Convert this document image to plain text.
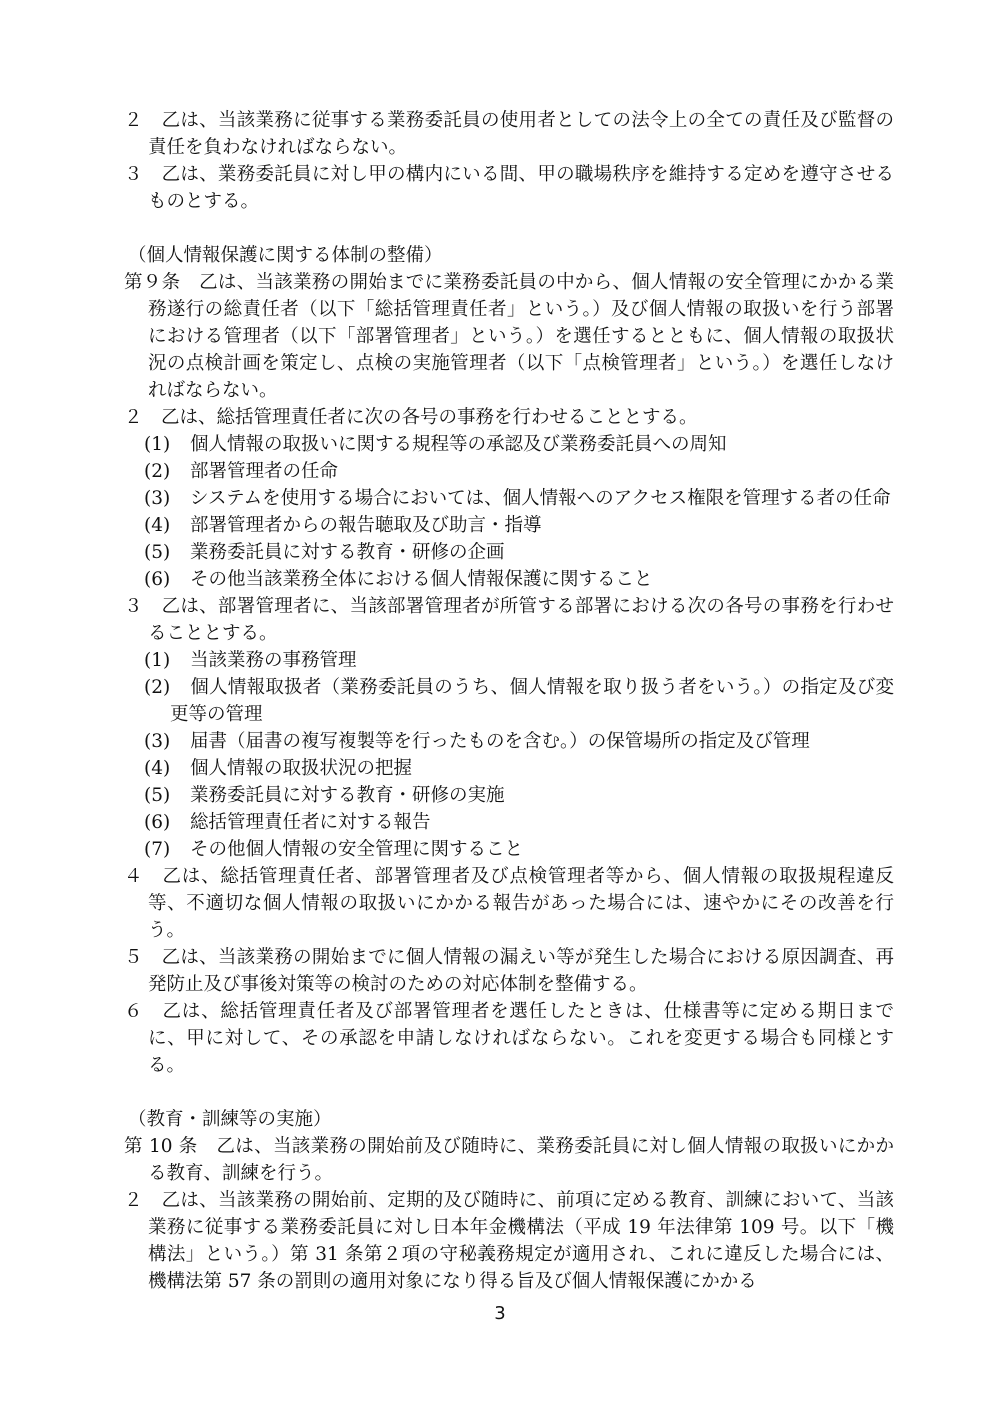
２　乙は、当該業務に従事する業務委託員の使用者としての法令上の全ての責任及び監督の責任を負わなければならない。

３　乙は、業務委託員に対し甲の構内にいる間、甲の職場秩序を維持する定めを遵守させるものとする。

（個人情報保護に関する体制の整備）

第９条　乙は、当該業務の開始までに業務委託員の中から、個人情報の安全管理にかかる業務遂行の総責任者（以下「総括管理責任者」という。）及び個人情報の取扱いを行う部署における管理者（以下「部署管理者」という。）を選任するとともに、個人情報の取扱状況の点検計画を策定し、点検の実施管理者（以下「点検管理者」という。）を選任しなければならない。

２　乙は、総括管理責任者に次の各号の事務を行わせることとする。

(1) 個人情報の取扱いに関する規程等の承認及び業務委託員への周知

(2) 部署管理者の任命

(3) システムを使用する場合においては、個人情報へのアクセス権限を管理する者の任命

(4) 部署管理者からの報告聴取及び助言・指導

(5) 業務委託員に対する教育・研修の企画

(6) その他当該業務全体における個人情報保護に関すること

３　乙は、部署管理者に、当該部署管理者が所管する部署における次の各号の事務を行わせることとする。

(1) 当該業務の事務管理

(2) 個人情報取扱者（業務委託員のうち、個人情報を取り扱う者をいう。）の指定及び変更等の管理

(3) 届書（届書の複写複製等を行ったものを含む。）の保管場所の指定及び管理

(4) 個人情報の取扱状況の把握

(5) 業務委託員に対する教育・研修の実施

(6) 総括管理責任者に対する報告

(7) その他個人情報の安全管理に関すること

４　乙は、総括管理責任者、部署管理者及び点検管理者等から、個人情報の取扱規程違反等、不適切な個人情報の取扱いにかかる報告があった場合には、速やかにその改善を行う。

５　乙は、当該業務の開始までに個人情報の漏えい等が発生した場合における原因調査、再発防止及び事後対策等の検討のための対応体制を整備する。

６　乙は、総括管理責任者及び部署管理者を選任したときは、仕様書等に定める期日までに、甲に対して、その承認を申請しなければならない。これを変更する場合も同様とする。

（教育・訓練等の実施）

第 10 条　乙は、当該業務の開始前及び随時に、業務委託員に対し個人情報の取扱いにかかる教育、訓練を行う。

２　乙は、当該業務の開始前、定期的及び随時に、前項に定める教育、訓練において、当該業務に従事する業務委託員に対し日本年金機構法（平成 19 年法律第 109 号。以下「機構法」という。）第 31 条第２項の守秘義務規定が適用され、これに違反した場合には、機構法第 57 条の罰則の適用対象になり得る旨及び個人情報保護にかかる

3
